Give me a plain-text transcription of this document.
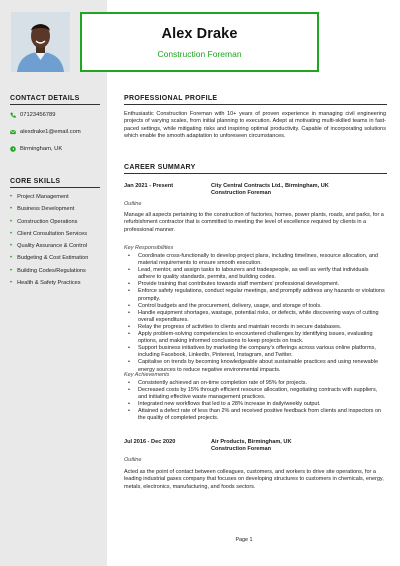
Alex Drake
Construction Foreman
CONTACT DETAILS
07123456789
alexdrake1@email.com
Birmingham, UK
CORE SKILLS
• Project Management
• Business Development
• Construction Operations
• Client Consultation Services
• Quality Assurance & Control
• Budgeting & Cost Estimation
• Building Codes/Regulations
• Health & Safety Practices
PROFESSIONAL PROFILE
Enthusiastic Construction Foreman with 10+ years of proven experience in managing civil engineering projects of varying scales, from initial planning to execution. Adept at motivating multi-skilled teams in fast-paced settings, while mitigating risks and inspiring optimal productivity. Capable of incorporating solutions which enable the smooth adaptation to unforeseen circumstances.
CAREER SUMMARY
Jan 2021 - Present	City Central Contracts Ltd., Birmingham, UK
Construction Foreman
Outline
Manage all aspects pertaining to the construction of factories, homes, power plants, roads, and parks, for a refurbishment contractor that is committed to meeting the level of excellence required by clients in a professional manner.
Key Responsibilities
• Coordinate cross-functionally to develop project plans, including timelines, resource allocation, and material requirements to ensure smooth execution.
• Lead, mentor, and assign tasks to labourers and tradespeople, as well as verify that individuals adhere to quality standards, permits, and building codes.
• Provide training that contributes towards staff members' professional development.
• Enforce safety regulations, conduct regular meetings, and promptly address any hazards or violations promptly.
• Control budgets and the procurement, delivery, usage, and storage of tools.
• Handle equipment shortages, wastage, potential risks, or defects, while discovering ways of cutting overall expenditures.
• Relay the progress of activities to clients and maintain records in secure databases.
• Apply problem-solving competencies to encountered challenges by identifying issues, evaluating options, and making informed conclusions to keep projects on track.
• Support business initiatives by marketing the company's offerings across various online platforms, including Facebook, LinkedIn, Pinterest, Instagram, and Twitter.
• Capitalise on trends by becoming knowledgeable about sustainable practices and using renewable energy sources to reduce negative environmental impacts.
Key Achievements
• Consistently achieved an on-time completion rate of 95% for projects.
• Decreased costs by 15% through efficient resource allocation, negotiating contracts with suppliers, and initiating effective waste management practices.
• Integrated new workflows that led to a 28% increase in daily/weekly output.
• Attained a defect rate of less than 2% and received positive feedback from clients and inspectors on the quality of completed projects.
Jul 2016 - Dec 2020	Air Products, Birmingham, UK
Construction Foreman
Outline
Acted as the point of contact between colleagues, customers, and workers to drive site operations, for a leading industrial gases company that focuses on developing structures to customers in chemicals, energy, metals, electronics, manufacturing, and foods sectors.
Page 1
